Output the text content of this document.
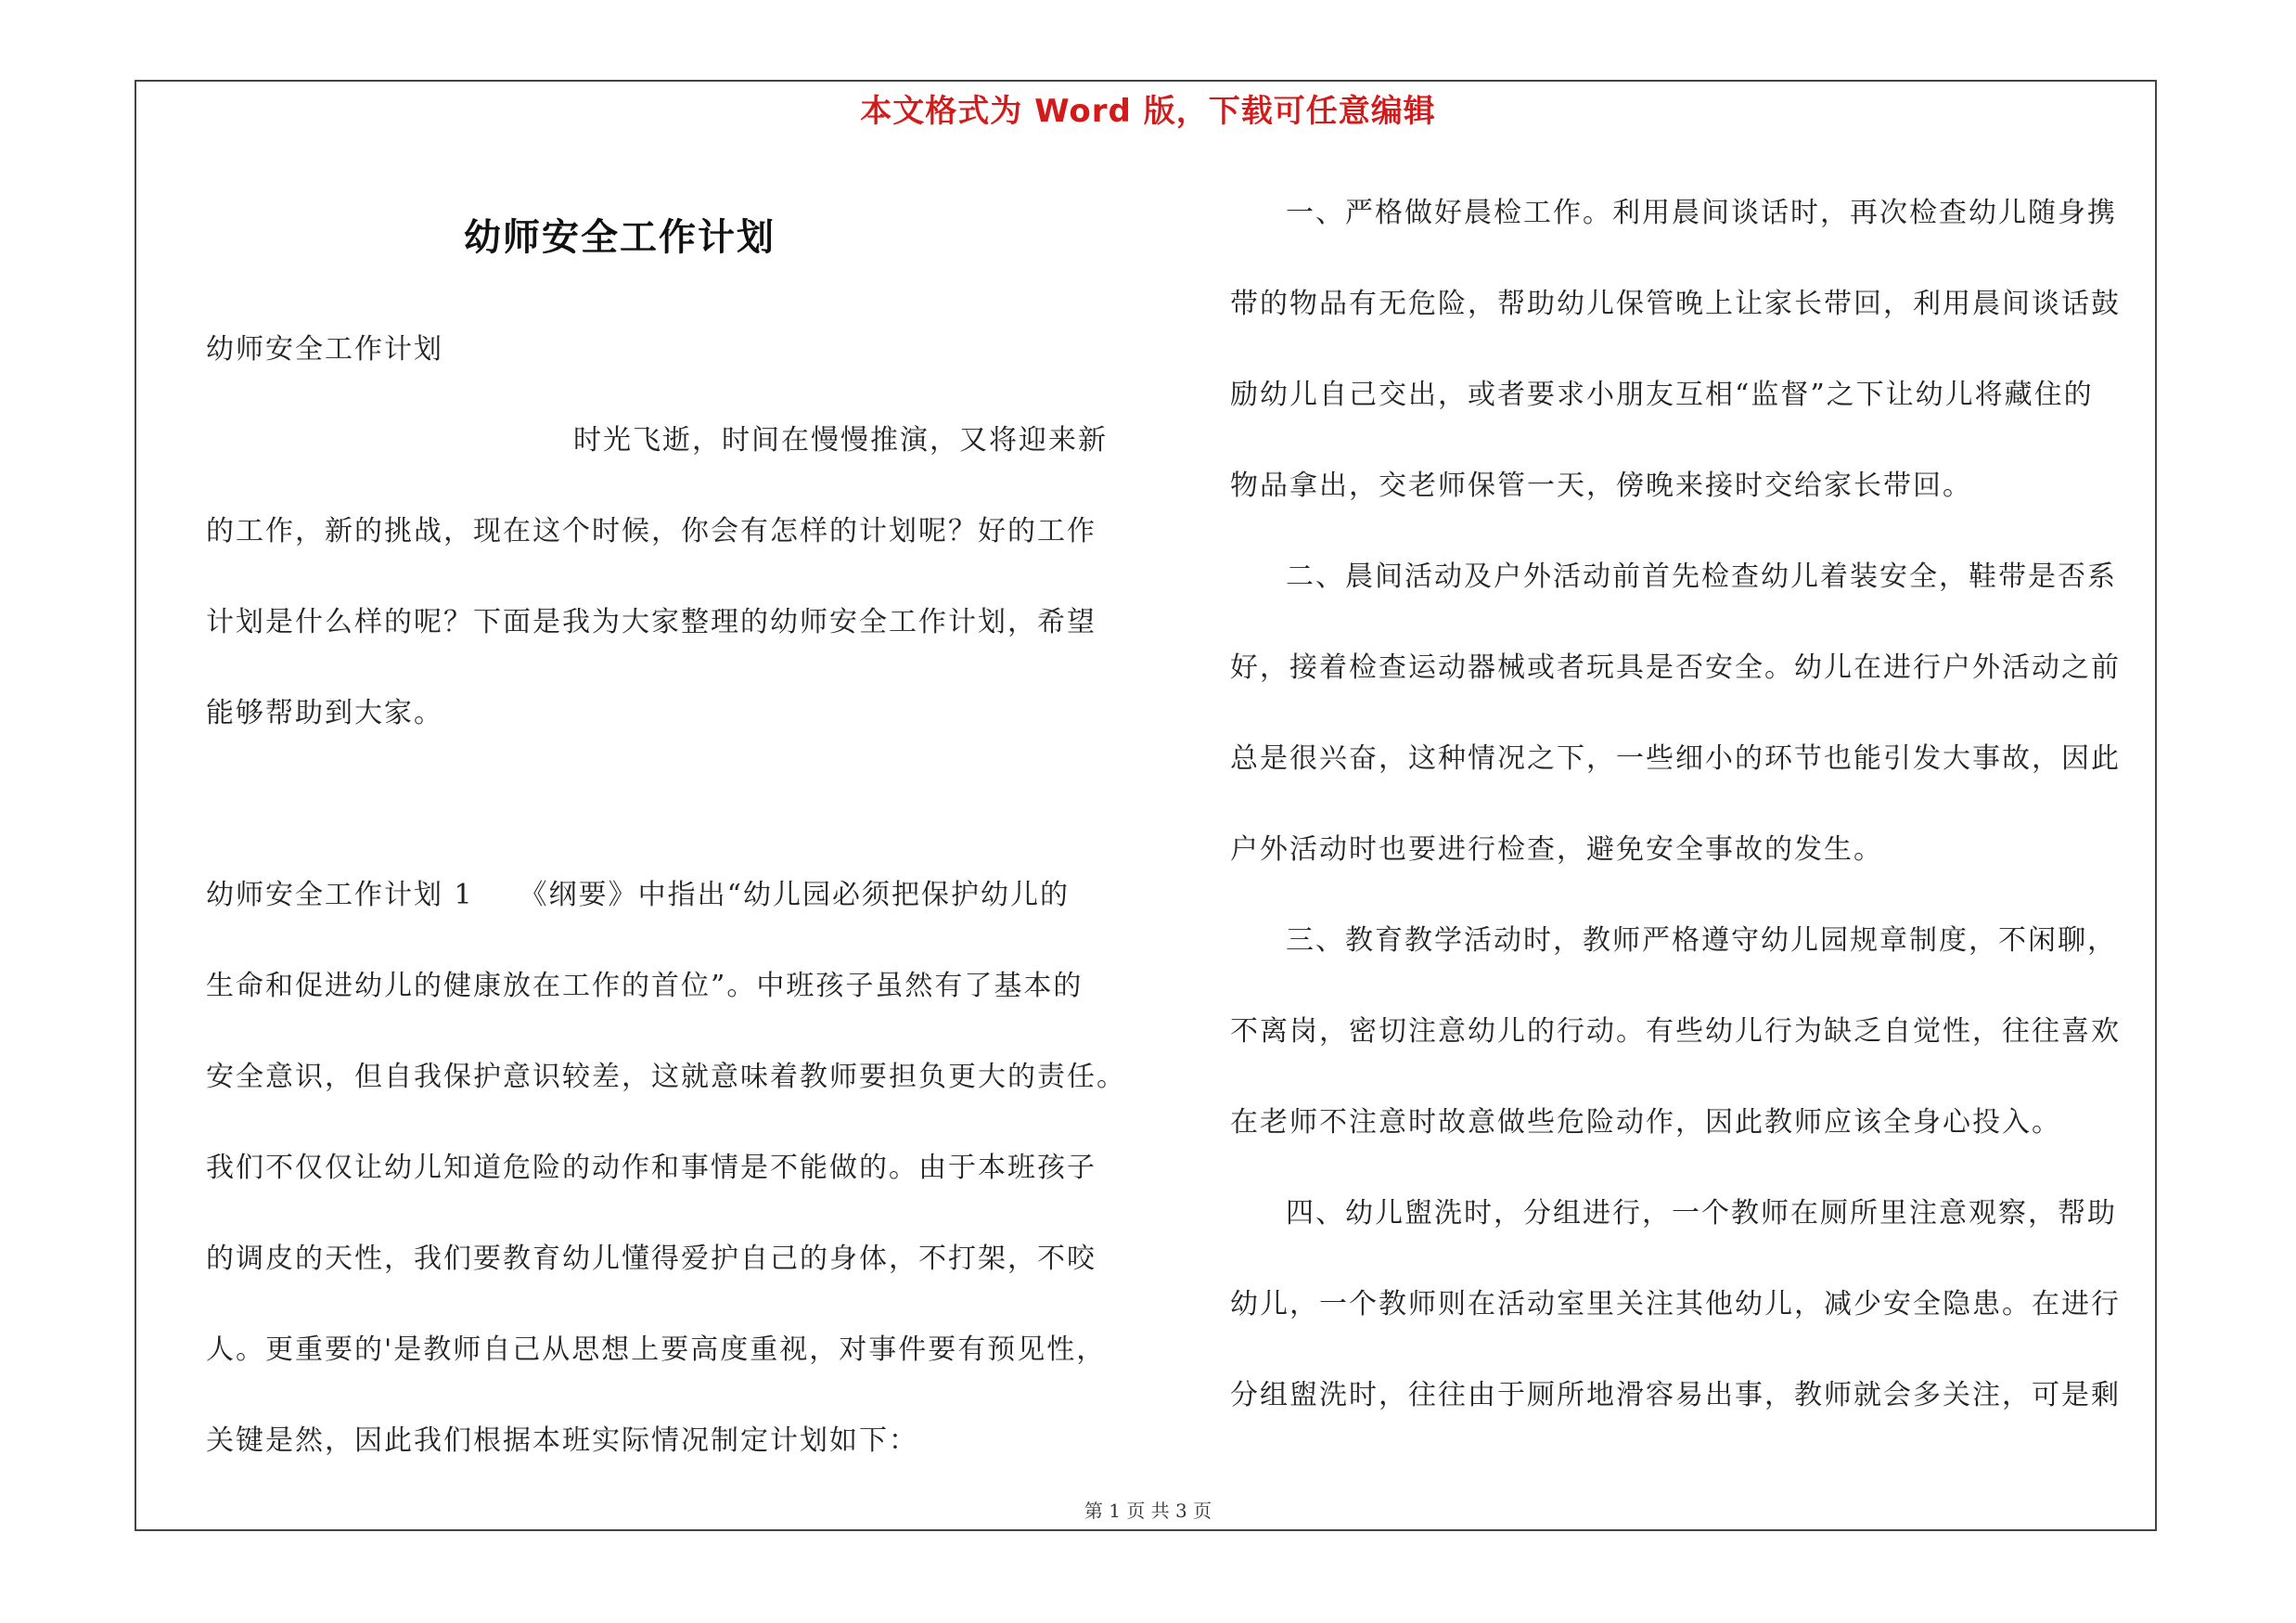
本文格式为 Word 版，下载可任意编辑
幼师安全工作计划
幼师安全工作计划
时光飞逝，时间在慢慢推演，又将迎来新
的工作，新的挑战，现在这个时候，你会有怎样的计划呢？好的工作
计划是什么样的呢？下面是我为大家整理的幼师安全工作计划，希望
能够帮助到大家。
幼师安全工作计划 1　　《纲要》中指出“幼儿园必须把保护幼儿的
生命和促进幼儿的健康放在工作的首位”。中班孩子虽然有了基本的
安全意识，但自我保护意识较差，这就意味着教师要担负更大的责任。
我们不仅仅让幼儿知道危险的动作和事情是不能做的。由于本班孩子
的调皮的天性，我们要教育幼儿懂得爱护自己的身体，不打架，不咬
人。更重要的'是教师自己从思想上要高度重视，对事件要有预见性，
关键是然，因此我们根据本班实际情况制定计划如下：
一、严格做好晨检工作。利用晨间谈话时，再次检查幼儿随身携
带的物品有无危险，帮助幼儿保管晚上让家长带回，利用晨间谈话鼓
励幼儿自己交出，或者要求小朋友互相“监督”之下让幼儿将藏住的
物品拿出，交老师保管一天，傍晚来接时交给家长带回。
二、晨间活动及户外活动前首先检查幼儿着装安全，鞋带是否系
好，接着检查运动器械或者玩具是否安全。幼儿在进行户外活动之前
总是很兴奋，这种情况之下，一些细小的环节也能引发大事故，因此
户外活动时也要进行检查，避免安全事故的发生。
三、教育教学活动时，教师严格遵守幼儿园规章制度，不闲聊，
不离岗，密切注意幼儿的行动。有些幼儿行为缺乏自觉性，往往喜欢
在老师不注意时故意做些危险动作，因此教师应该全身心投入。
四、幼儿盥洗时，分组进行，一个教师在厕所里注意观察，帮助
幼儿，一个教师则在活动室里关注其他幼儿，减少安全隐患。在进行
分组盥洗时，往往由于厕所地滑容易出事，教师就会多关注，可是剩
第 1 页 共 3 页
